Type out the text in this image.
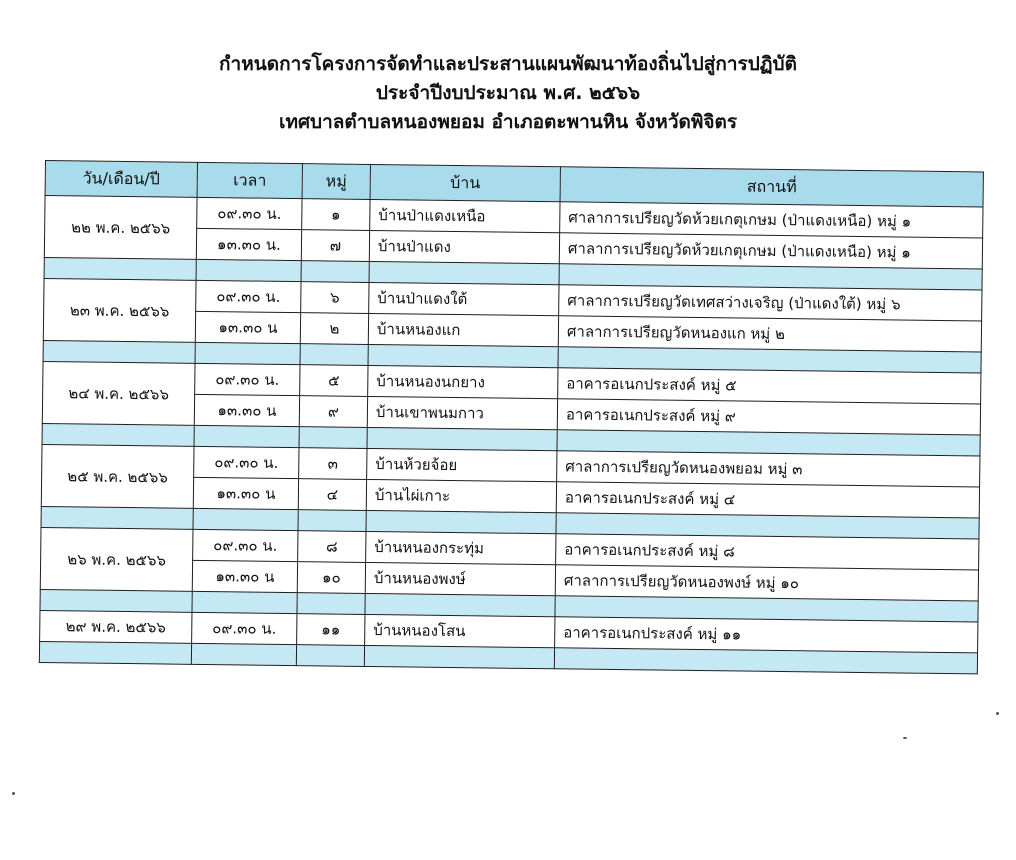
กำหนดการโครงการจัดทำและประสานแผนพัฒนาท้องถิ่นไปสู่การปฏิบัติ
ประจำปีงบประมาณ พ.ศ. ๒๕๖๖
เทศบาลตำบลหนองพยอม อำเภอตะพานหิน จังหวัดพิจิตร
วัน/เดือน/ปี	เวลา	หมู่	บ้าน	สถานที่
๒๒ พ.ค. ๒๕๖๖	๐๙.๓๐ น.	๑	บ้านป่าแดงเหนือ	ศาลาการเปรียญวัดห้วยเกตุเกษม (ป่าแดงเหนือ) หมู่ ๑
	๑๓.๓๐ น.	๗	บ้านป่าแดง	ศาลาการเปรียญวัดห้วยเกตุเกษม (ป่าแดงเหนือ) หมู่ ๑

๒๓ พ.ค. ๒๕๖๖	๐๙.๓๐ น.	๖	บ้านป่าแดงใต้	ศาลาการเปรียญวัดเทศสว่างเจริญ (ป่าแดงใต้) หมู่ ๖
	๑๓.๓๐ น	๒	บ้านหนองแก	ศาลาการเปรียญวัดหนองแก หมู่ ๒

๒๔ พ.ค. ๒๕๖๖	๐๙.๓๐ น.	๕	บ้านหนองนกยาง	อาคารอเนกประสงค์ หมู่ ๕
	๑๓.๓๐ น	๙	บ้านเขาพนมกาว	อาคารอเนกประสงค์ หมู่ ๙

๒๕ พ.ค. ๒๕๖๖	๐๙.๓๐ น.	๓	บ้านห้วยจ้อย	ศาลาการเปรียญวัดหนองพยอม หมู่ ๓
	๑๓.๓๐ น	๔	บ้านไผ่เกาะ	อาคารอเนกประสงค์ หมู่ ๔

๒๖ พ.ค. ๒๕๖๖	๐๙.๓๐ น.	๘	บ้านหนองกระทุ่ม	อาคารอเนกประสงค์ หมู่ ๘
	๑๓.๓๐ น	๑๐	บ้านหนองพงษ์	ศาลาการเปรียญวัดหนองพงษ์ หมู่ ๑๐

๒๙ พ.ค. ๒๕๖๖	๐๙.๓๐ น.	๑๑	บ้านหนองโสน	อาคารอเนกประสงค์ หมู่ ๑๑
